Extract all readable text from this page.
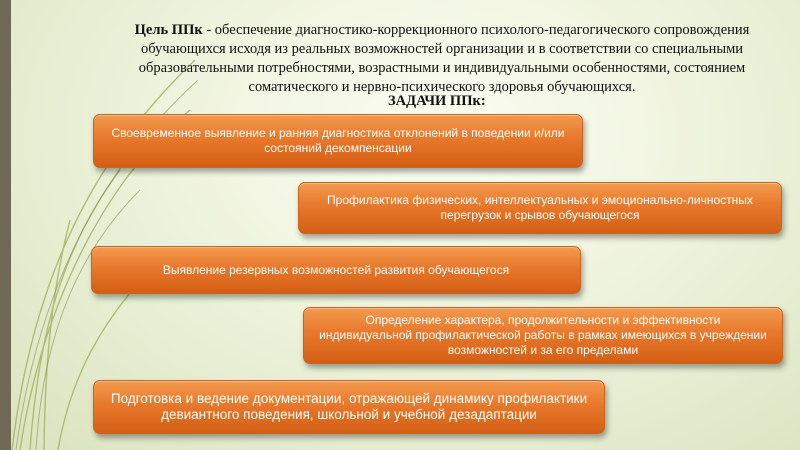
Цель ППк - обеспечение диагностико-коррекционного психолого-педагогического сопровождения обучающихся исходя из реальных возможностей организации и в соответствии со специальными образовательными потребностями, возрастными и индивидуальными особенностями, состоянием соматического и нервно-психического здоровья обучающихся.
ЗАДАЧИ ППк:
Своевременное выявление и ранняя диагностика отклонений в поведении и/или состояний декомпенсации
Профилактика физических, интеллектуальных и эмоционально-личностных перегрузок и срывов обучающегося
Выявление резервных возможностей развития обучающегося
Определение характера, продолжительности и эффективности индивидуальной профилактической работы в рамках имеющихся в учреждении возможностей и за его пределами
Подготовка и ведение документации, отражающей динамику профилактики девиантного поведения, школьной и учебной дезадаптации
